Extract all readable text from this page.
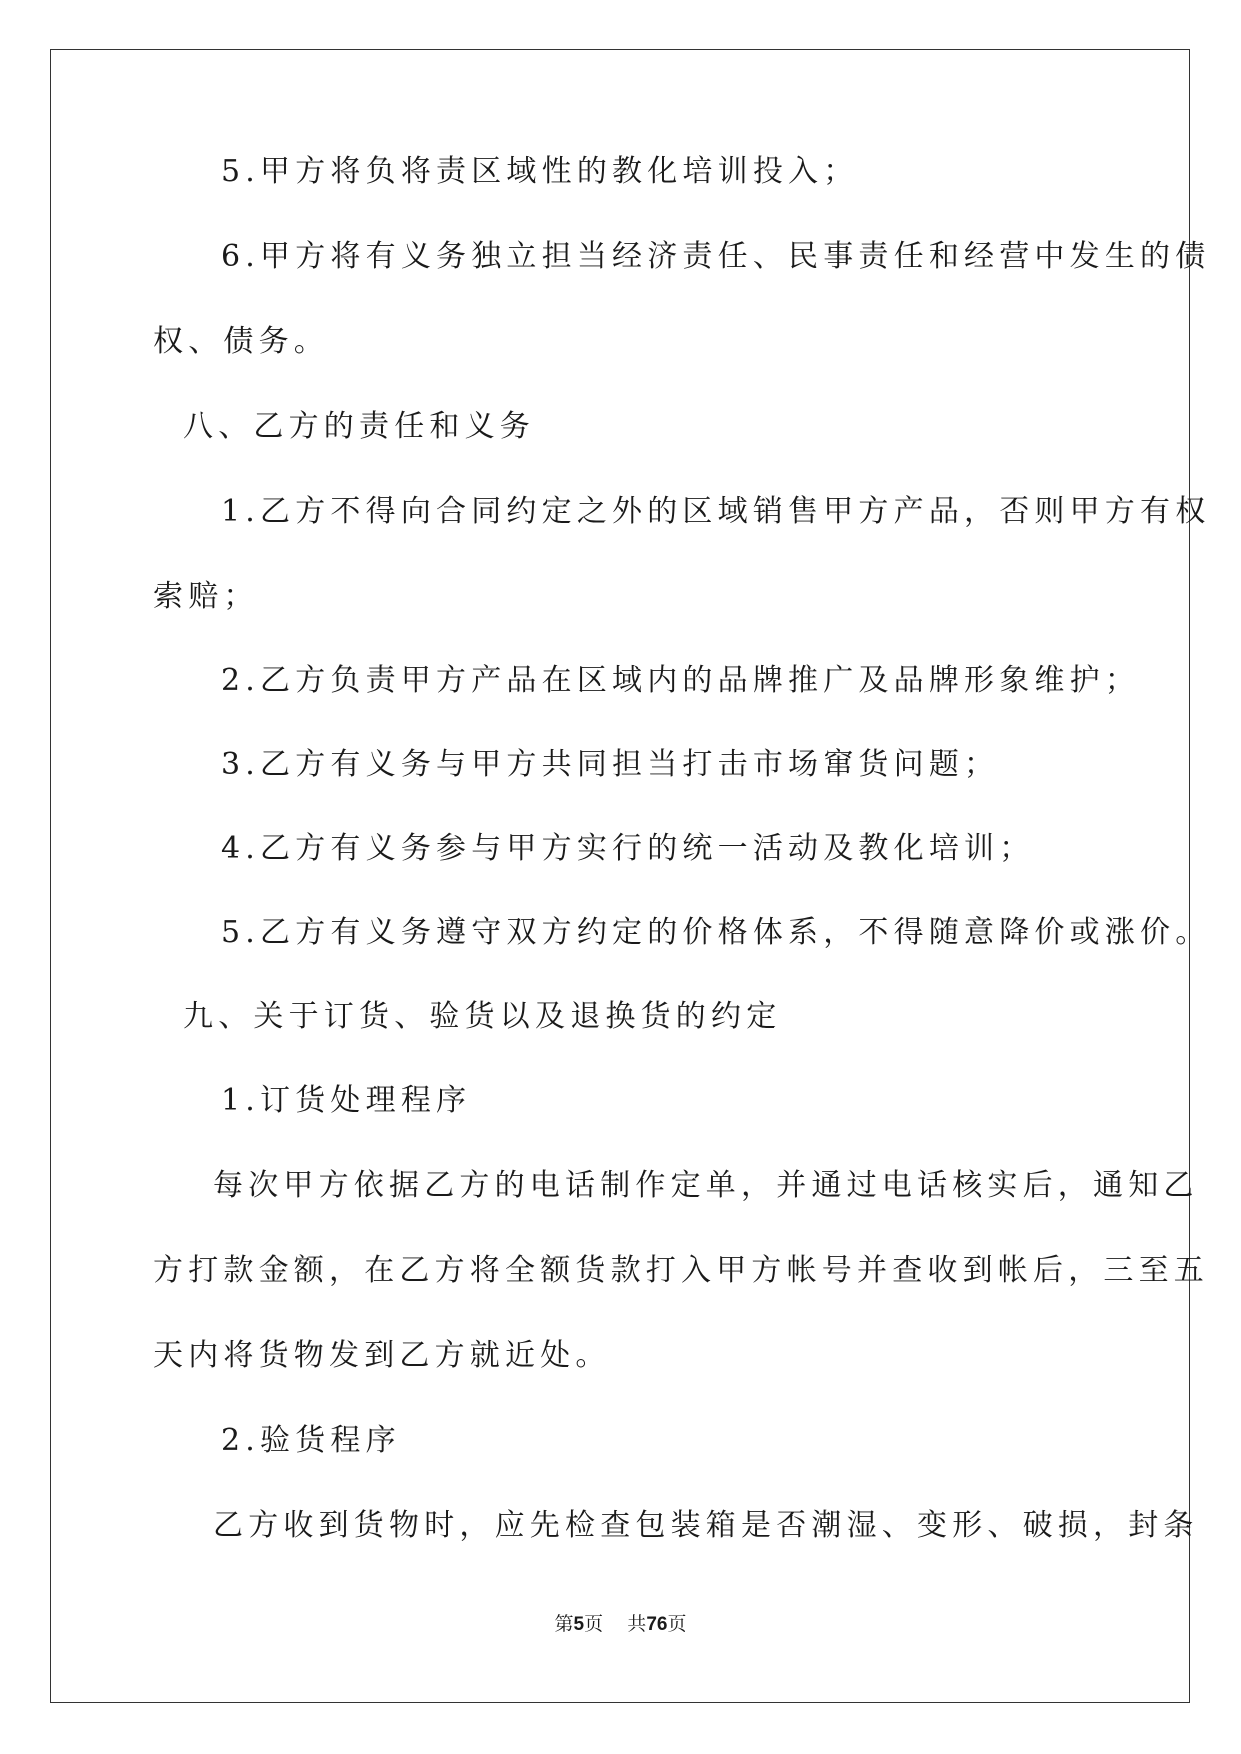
5.甲方将负将责区域性的教化培训投入；
6.甲方将有义务独立担当经济责任、民事责任和经营中发生的债
权、债务。
八、乙方的责任和义务
1.乙方不得向合同约定之外的区域销售甲方产品，否则甲方有权
索赔；
2.乙方负责甲方产品在区域内的品牌推广及品牌形象维护；
3.乙方有义务与甲方共同担当打击市场窜货问题；
4.乙方有义务参与甲方实行的统一活动及教化培训；
5.乙方有义务遵守双方约定的价格体系，不得随意降价或涨价。
九、关于订货、验货以及退换货的约定
1.订货处理程序
每次甲方依据乙方的电话制作定单，并通过电话核实后，通知乙
方打款金额，在乙方将全额货款打入甲方帐号并查收到帐后，三至五
天内将货物发到乙方就近处。
2.验货程序
乙方收到货物时，应先检查包装箱是否潮湿、变形、破损，封条
第5页 共76页
